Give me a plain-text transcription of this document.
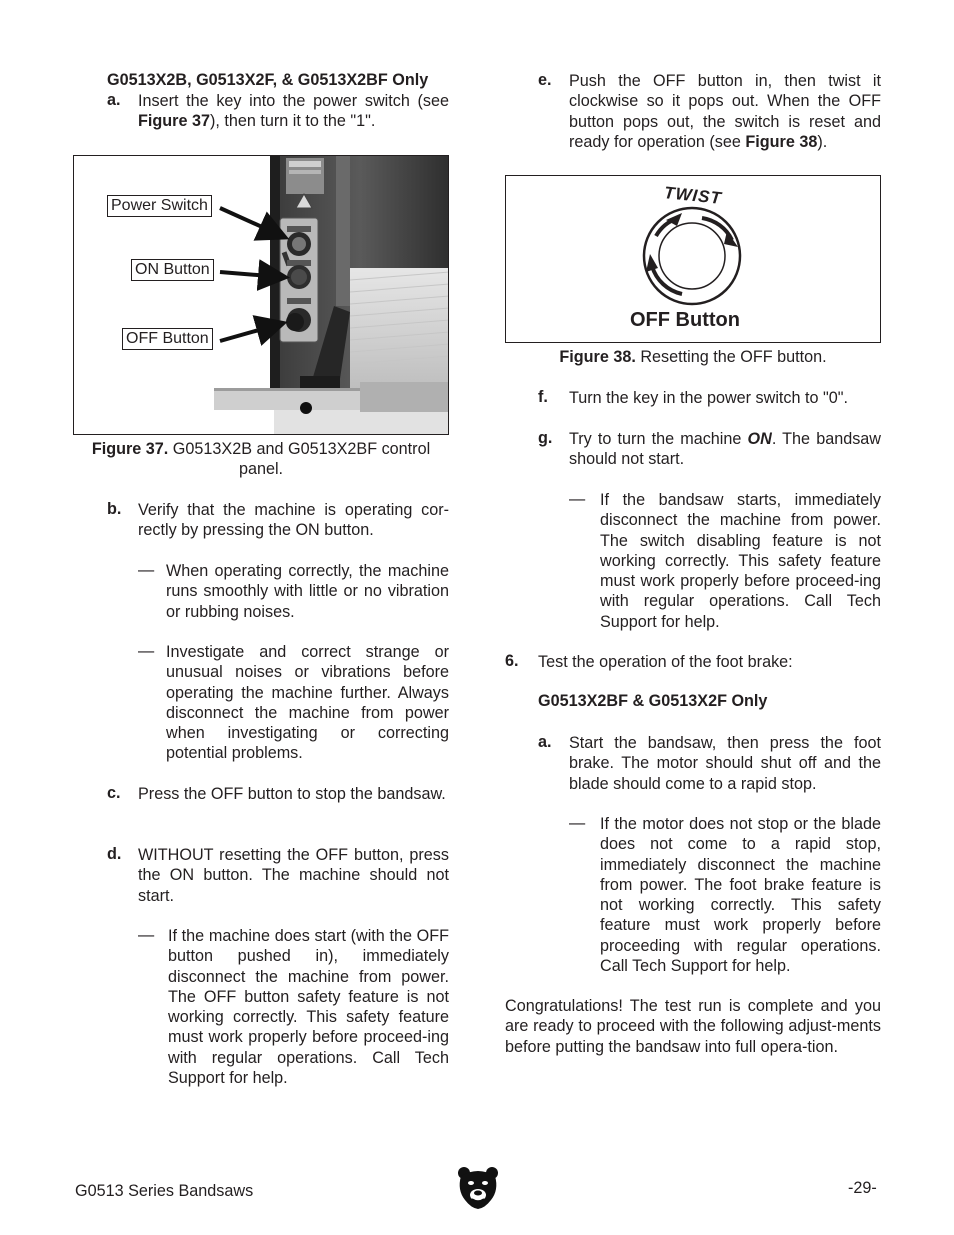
G0513X2B, G0513X2F, & G0513X2BF Only
a.	Insert the key into the power switch (see Figure 37), then turn it to the "1".

Power Switch
ON Button
OFF Button
Figure 37. G0513X2B and G0513X2BF control panel.
b.	Verify that the machine is operating cor-rectly by pressing the ON button.

— When operating correctly, the machine runs smoothly with little or no vibration or rubbing noises.

— Investigate and correct strange or unusual noises or vibrations before operating the machine further. Always disconnect the machine from power when investigating or correcting potential problems.

c.	Press the OFF button to stop the bandsaw.

d.	WITHOUT resetting the OFF button, press the ON button. The machine should not start.

— If the machine does start (with the OFF button pushed in), immediately disconnect the machine from power. The OFF button safety feature is not working correctly. This safety feature must work properly before proceed-ing with regular operations. Call Tech Support for help.

e.	Push the OFF button in, then twist it clockwise so it pops out. When the OFF button pops out, the switch is reset and ready for operation (see Figure 38).

TWIST
OFF Button
Figure 38. Resetting the OFF button.
f.	Turn the key in the power switch to "0".

g.	Try to turn the machine ON. The bandsaw should not start.

— If the bandsaw starts, immediately disconnect the machine from power. The switch disabling feature is not working correctly. This safety feature must work properly before proceed-ing with regular operations. Call Tech Support for help.

6.	Test the operation of the foot brake:

G0513X2BF & G0513X2F Only
a.	Start the bandsaw, then press the foot brake. The motor should shut off and the blade should come to a rapid stop.

— If the motor does not stop or the blade does not come to a rapid stop, immediately disconnect the machine from power. The foot brake feature is not working correctly. This safety feature must work properly before proceeding with regular operations. Call Tech Support for help.

Congratulations! The test run is complete and you are ready to proceed with the following adjust-ments before putting the bandsaw into full opera-tion.

G0513 Series Bandsaws	-29-
